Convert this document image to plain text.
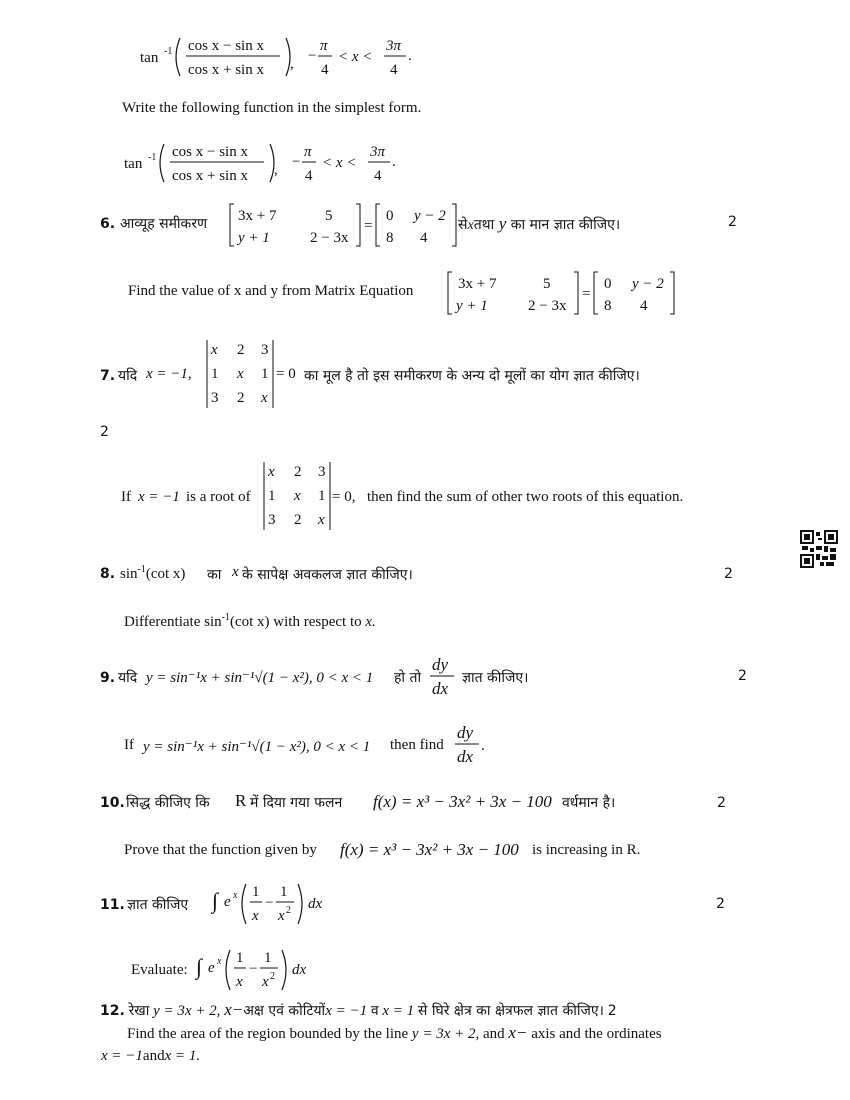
tan -1 cos x − sin x
cos x + sin x , −
π
4
< x <
3π
4
.
Write the following function in the simplest form.
tan -1 cos x − sin x
cos x + sin x , −
π
4
< x <
3π
4
.
6. आव्यूह समीकरण 3x + 7	5
y + 1	2 − 3x
=
0 y − 2
8 4
सेxतथा y का मान ज्ञात कीजिए।	2
Find the value of x and y from Matrix Equation	3x + 7	5
y + 1	2 − 3x
=
0 y − 2
8 4
7. यदि x = −1,
x 2 3
1 x 1
3 2 x
= 0 का मूल है तो इस समीकरण के अन्य दो मूलों का योग ज्ञात कीजिए।
2
If x = −1 is a root of
x 2 3
1 x 1
3 2 x
= 0, then find the sum of other two roots of this equation.
8. $\sin^{-1}(\cot$ x) का x के सापेक्ष अवकलज ज्ञात कीजिए।	2
Differentiate $\sin^{-1}(\cot$ x) with respect to x.
9. यदि y = sin⁻¹x + sin⁻¹√(1 − x²), 0 < x < 1 हो तो
dy
dx
ज्ञात कीजिए।	2
If y = sin⁻¹x + sin⁻¹√(1 − x²), 0 < x < 1 then find
dy
dx
.
10. सिद्ध कीजिए कि R में दिया गया फलन f(x) = x³ − 3x² + 3x − 100 वर्धमान है।	2
Prove that the function given by f(x) = x³ − 3x² + 3x − 100 is increasing in R.
11. ज्ञात कीजिए ∫ e x 1
x
−
1
x 2 dx	2
Evaluate: ∫ e x 1
x
−
1
x 2 dx
12. रेखा y = 3x + 2, x−अक्ष एवं कोटियोंx = −1 व x = 1 से घिरे क्षेत्र का क्षेत्रफल ज्ञात कीजिए। 2
Find the area of the region bounded by the line y = 3x + 2, and x− axis and the ordinates
x = −1andx = 1.
